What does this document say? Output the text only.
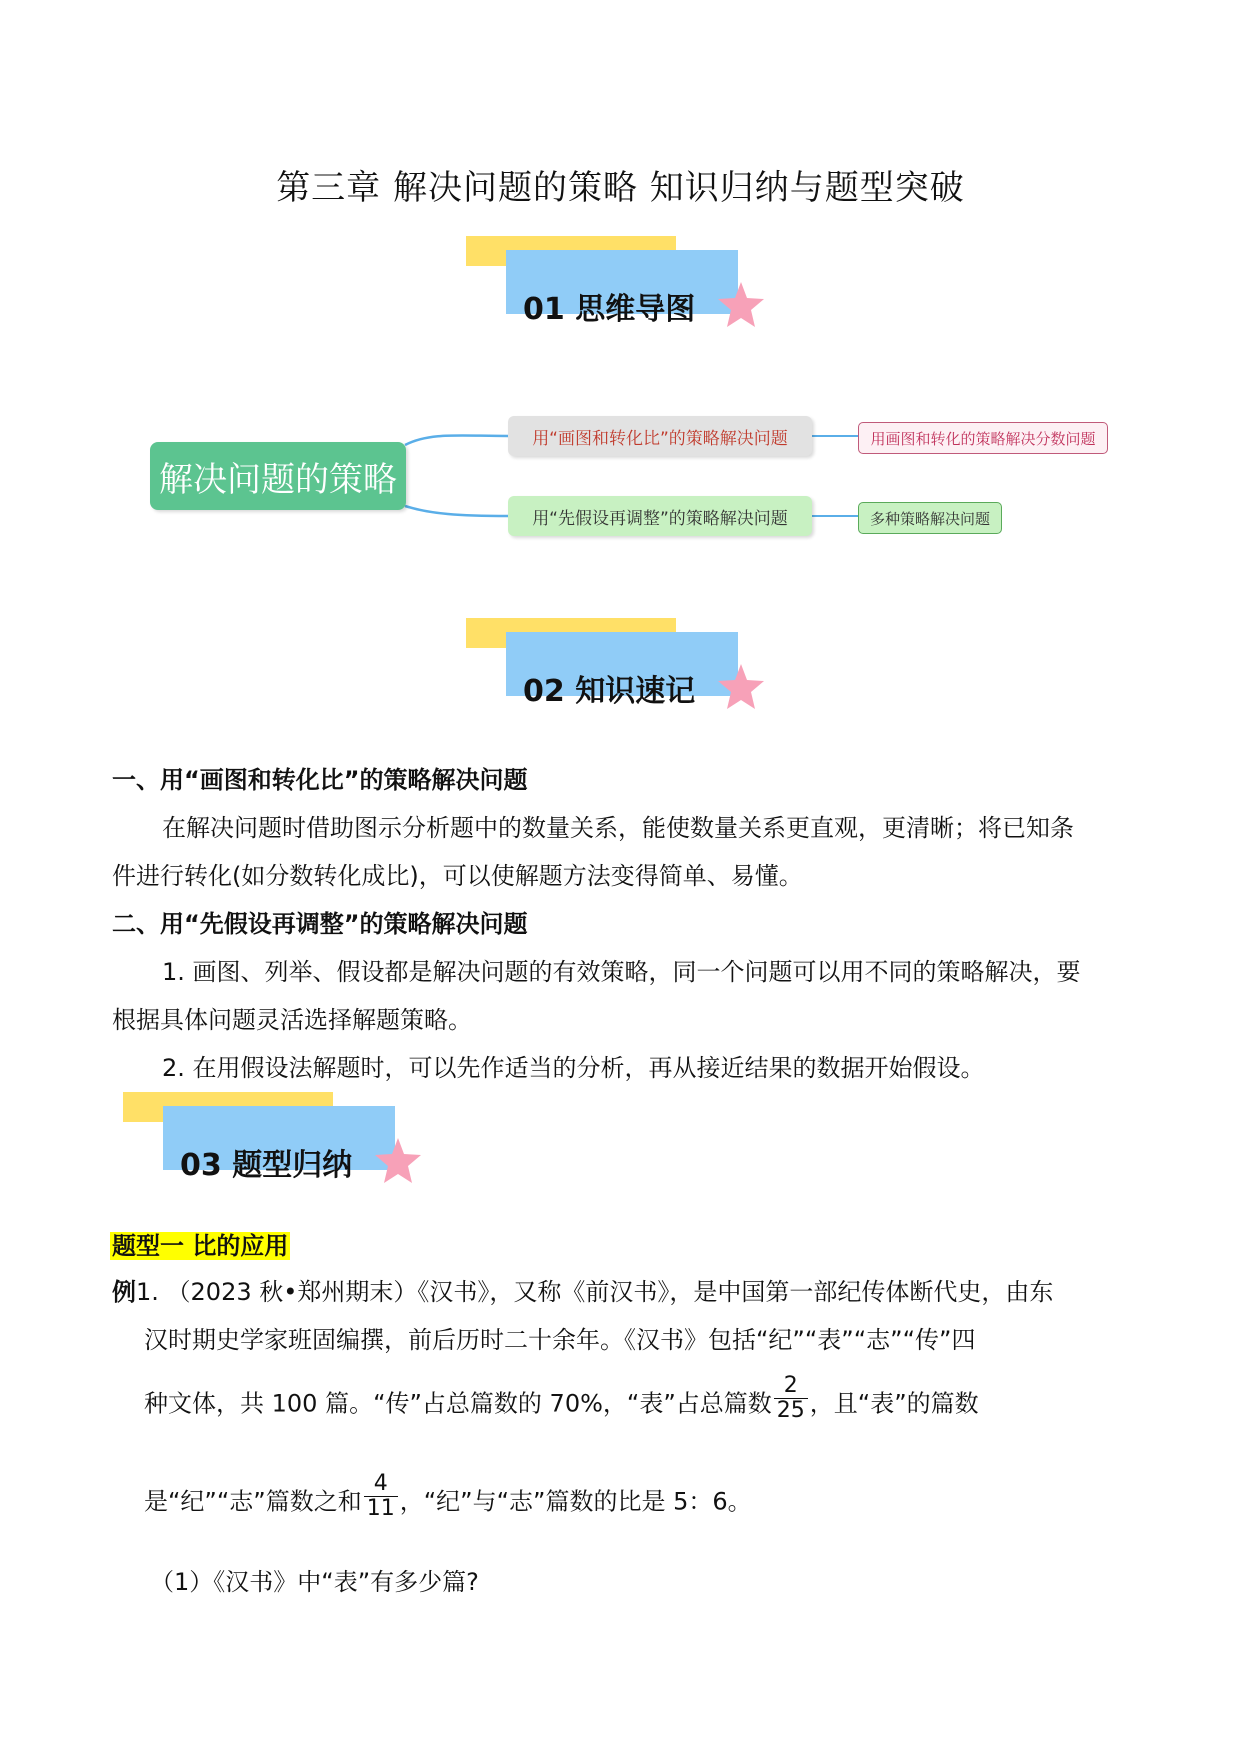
第三章 解决问题的策略 知识归纳与题型突破
01 思维导图
解决问题的策略
用“画图和转化比”的策略解决问题	用画图和转化的策略解决分数问题
用“先假设再调整”的策略解决问题	多种策略解决问题
02 知识速记
一、用“画图和转化比”的策略解决问题
在解决问题时借助图示分析题中的数量关系，能使数量关系更直观，更清晰；将已知条
件进行转化(如分数转化成比)，可以使解题方法变得简单、易懂。
二、用“先假设再调整”的策略解决问题
1. 画图、列举、假设都是解决问题的有效策略，同一个问题可以用不同的策略解决，要
根据具体问题灵活选择解题策略。
2. 在用假设法解题时，可以先作适当的分析，再从接近结果的数据开始假设。
03 题型归纳
题型一 比的应用
例1. （2023 秋•郑州期末）《汉书》，又称《前汉书》，是中国第一部纪传体断代史，由东
汉时期史学家班固编撰，前后历时二十余年。《汉书》包括“纪”“表”“志”“传”四
种文体，共 100 篇。“传”占总篇数的 70%，“表”占总篇数 $\frac{2}{25}$ ，且“表”的篇数
是“纪”“志”篇数之和 $\frac{4}{11}$ ，“纪”与“志”篇数的比是 5：6。
（1）《汉书》中“表”有多少篇?
